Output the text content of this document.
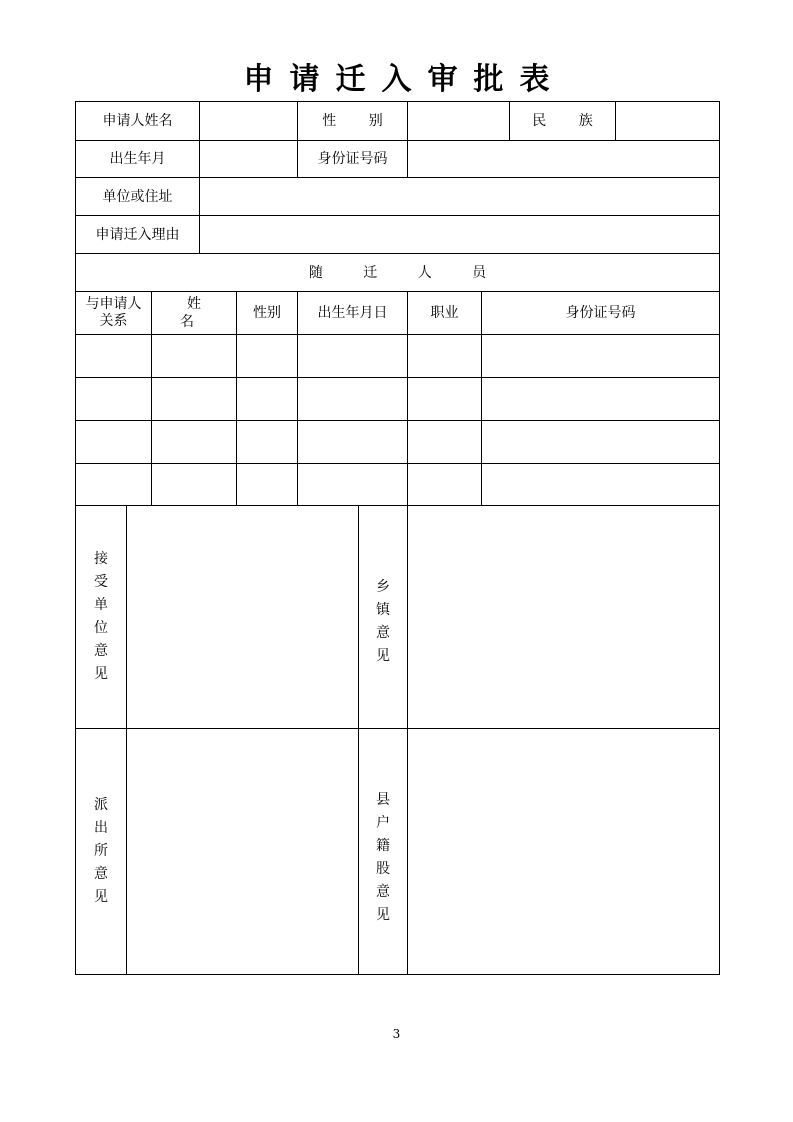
申请迁入审批表
申请人姓名		性 别		民 族	
出生年月		身份证号码			
单位或住址					
申请迁入理由					
随 迁 人 员					
与申请人关系	姓 名	性别	出生年月日	职业	身份证号码

接受单位意见		乡镇意见	
派出所意见		县户籍股意见	
3
